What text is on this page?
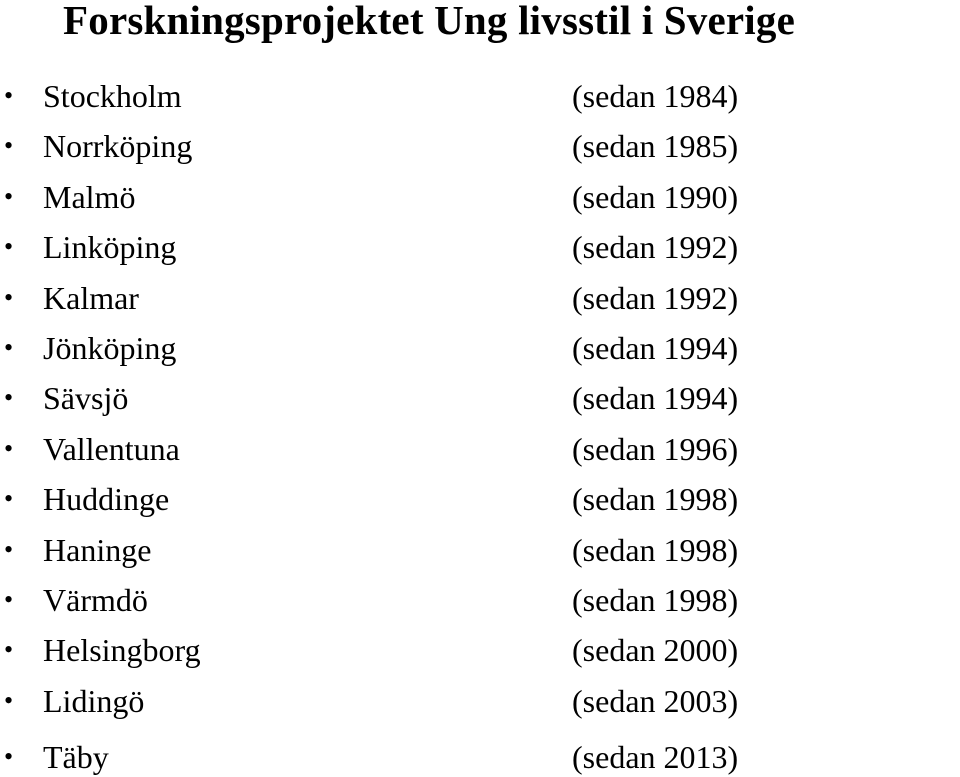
Forskningsprojektet Ung livsstil i Sverige
• Stockholm	(sedan 1984)
• Norrköping	(sedan 1985)
• Malmö	(sedan 1990)
• Linköping	(sedan 1992)
• Kalmar	(sedan 1992)
• Jönköping	(sedan 1994)
• Sävsjö	(sedan 1994)
• Vallentuna	(sedan 1996)
• Huddinge	(sedan 1998)
• Haninge	(sedan 1998)
• Värmdö	(sedan 1998)
• Helsingborg	(sedan 2000)
• Lidingö	(sedan 2003)
• Täby	(sedan 2013)
